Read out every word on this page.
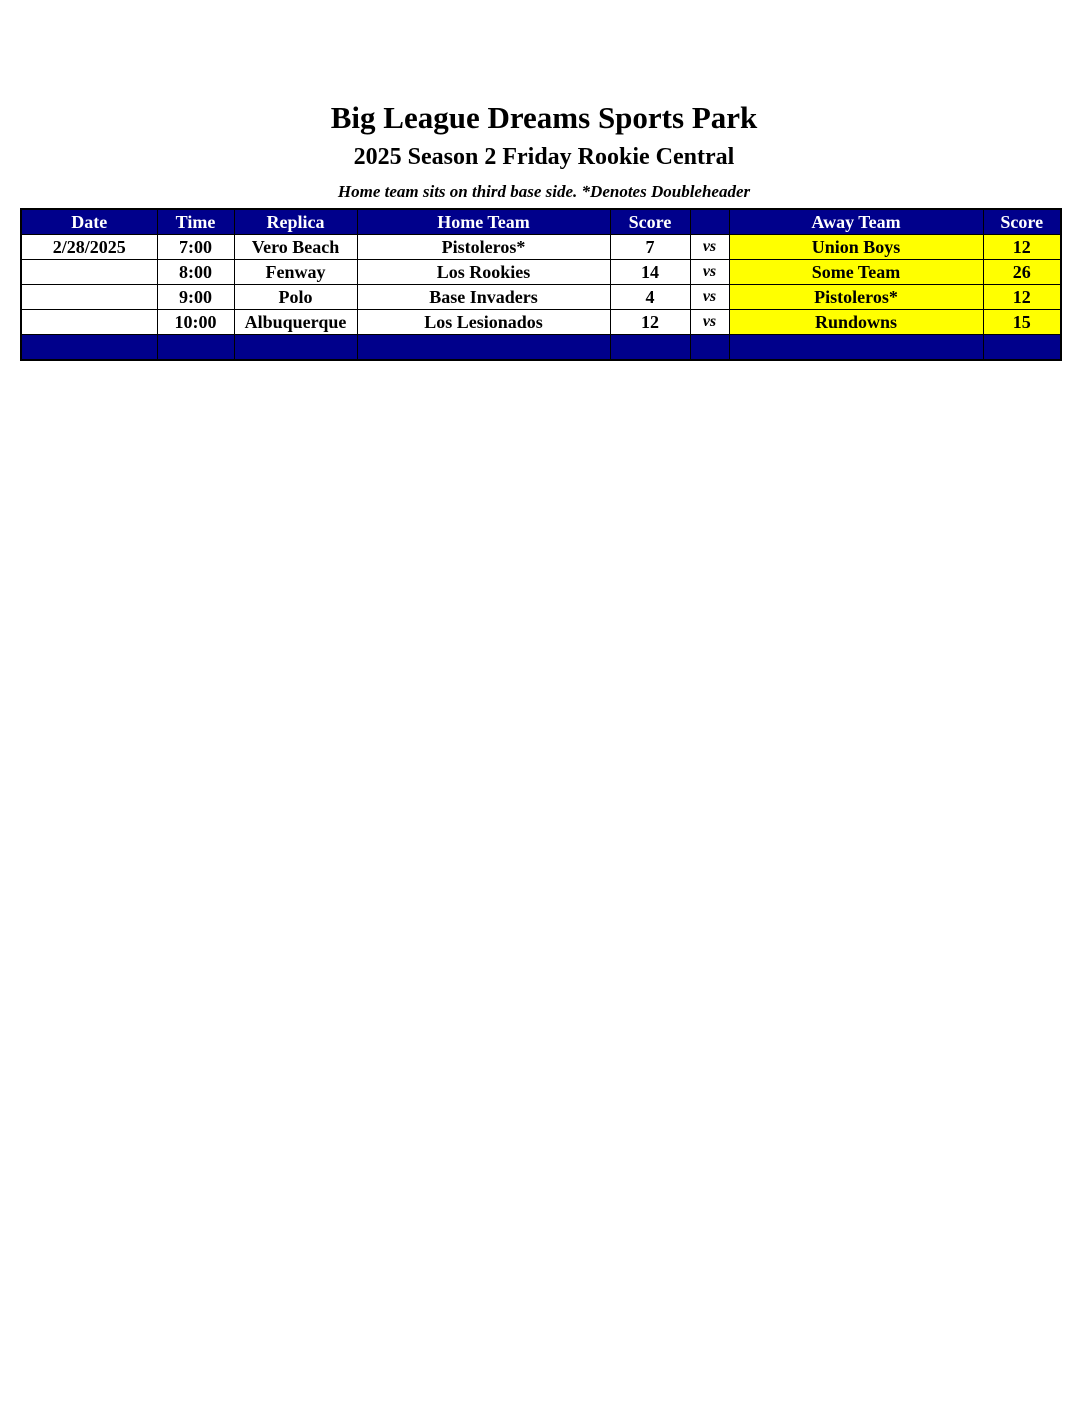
Big League Dreams Sports Park
2025 Season 2 Friday Rookie Central
Home team sits on third base side. *Denotes Doubleheader
Date	Time	Replica	Home Team	Score		Away Team	Score
2/28/2025	7:00	Vero Beach	Pistoleros*	7	vs	Union Boys	12
	8:00	Fenway	Los Rookies	14	vs	Some Team	26
	9:00	Polo	Base Invaders	4	vs	Pistoleros*	12
	10:00	Albuquerque	Los Lesionados	12	vs	Rundowns	15
